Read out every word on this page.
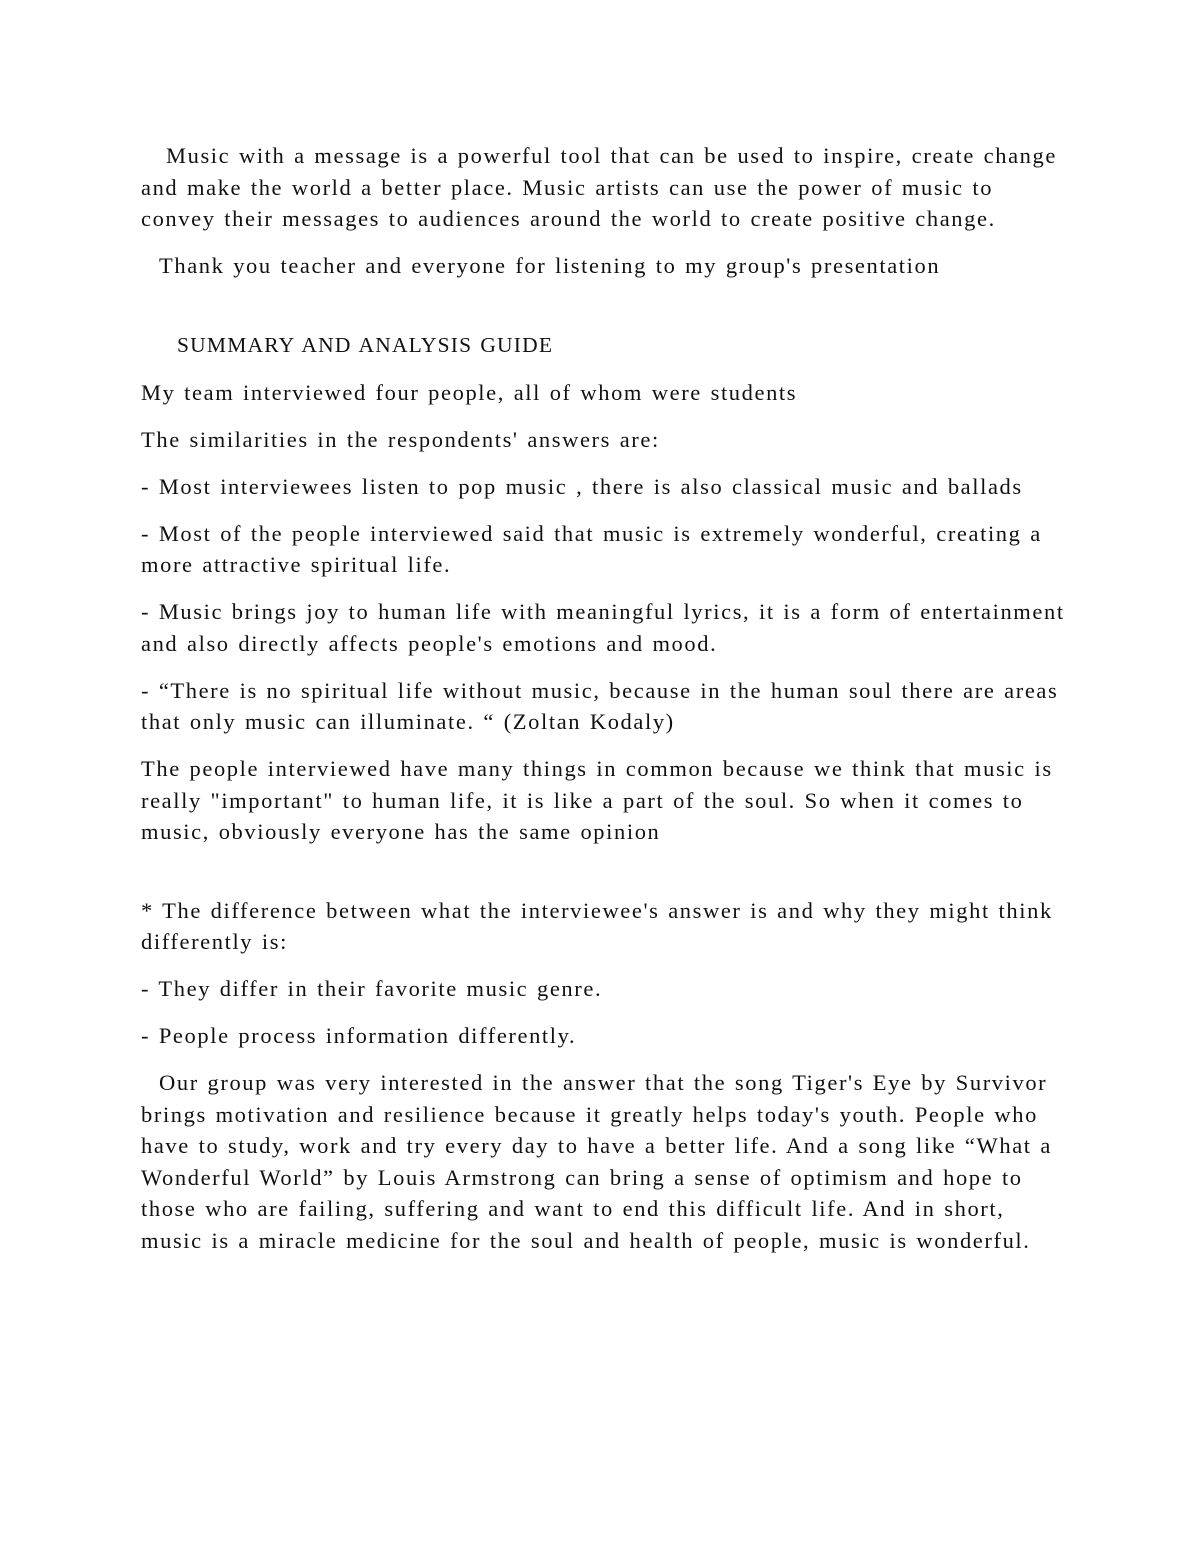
Music with a message is a powerful tool that can be used to inspire, create change and make the world a better place. Music artists can use the power of music to convey their messages to audiences around the world to create positive change.

Thank you teacher and everyone for listening to my group's presentation

SUMMARY AND ANALYSIS GUIDE

My team interviewed four people, all of whom were students

The similarities in the respondents' answers are:

- Most interviewees listen to pop music , there is also classical music and ballads

- Most of the people interviewed said that music is extremely wonderful, creating a more attractive spiritual life.

- Music brings joy to human life with meaningful lyrics, it is a form of entertainment and also directly affects people's emotions and mood.

- “There is no spiritual life without music, because in the human soul there are areas that only music can illuminate. “ (Zoltan Kodaly)

The people interviewed have many things in common because we think that music is really "important" to human life, it is like a part of the soul. So when it comes to music, obviously everyone has the same opinion

* The difference between what the interviewee's answer is and why they might think differently is:

- They differ in their favorite music genre.

- People process information differently.

Our group was very interested in the answer that the song Tiger's Eye by Survivor brings motivation and resilience because it greatly helps today's youth. People who have to study, work and try every day to have a better life. And a song like “What a Wonderful World” by Louis Armstrong can bring a sense of optimism and hope to those who are failing, suffering and want to end this difficult life. And in short, music is a miracle medicine for the soul and health of people, music is wonderful.
